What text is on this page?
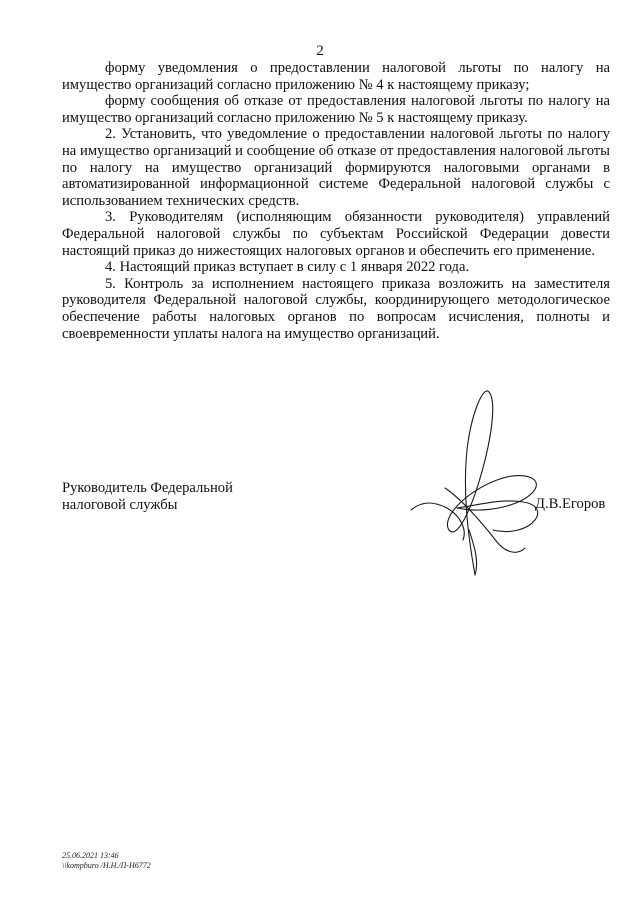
2

форму уведомления о предоставлении налоговой льготы по налогу на имущество организаций согласно приложению № 4 к настоящему приказу;

форму сообщения об отказе от предоставления налоговой льготы по налогу на имущество организаций согласно приложению № 5 к настоящему приказу.

2. Установить, что уведомление о предоставлении налоговой льготы по налогу на имущество организаций и сообщение об отказе от предоставления налоговой льготы по налогу на имущество организаций формируются налоговыми органами в автоматизированной информационной системе Федеральной налоговой службы с использованием технических средств.

3. Руководителям (исполняющим обязанности руководителя) управлений Федеральной налоговой службы по субъектам Российской Федерации довести настоящий приказ до нижестоящих налоговых органов и обеспечить его применение.

4. Настоящий приказ вступает в силу с 1 января 2022 года.

5. Контроль за исполнением настоящего приказа возложить на заместителя руководителя Федеральной налоговой службы, координирующего методологическое обеспечение работы налоговых органов по вопросам исчисления, полноты и своевременности уплаты налога на имущество организаций.

Руководитель Федеральной
налоговой службы	Д.В.Егоров
25.06.2021 13:46
\\kompburo /Н.Н./П-Н6772
